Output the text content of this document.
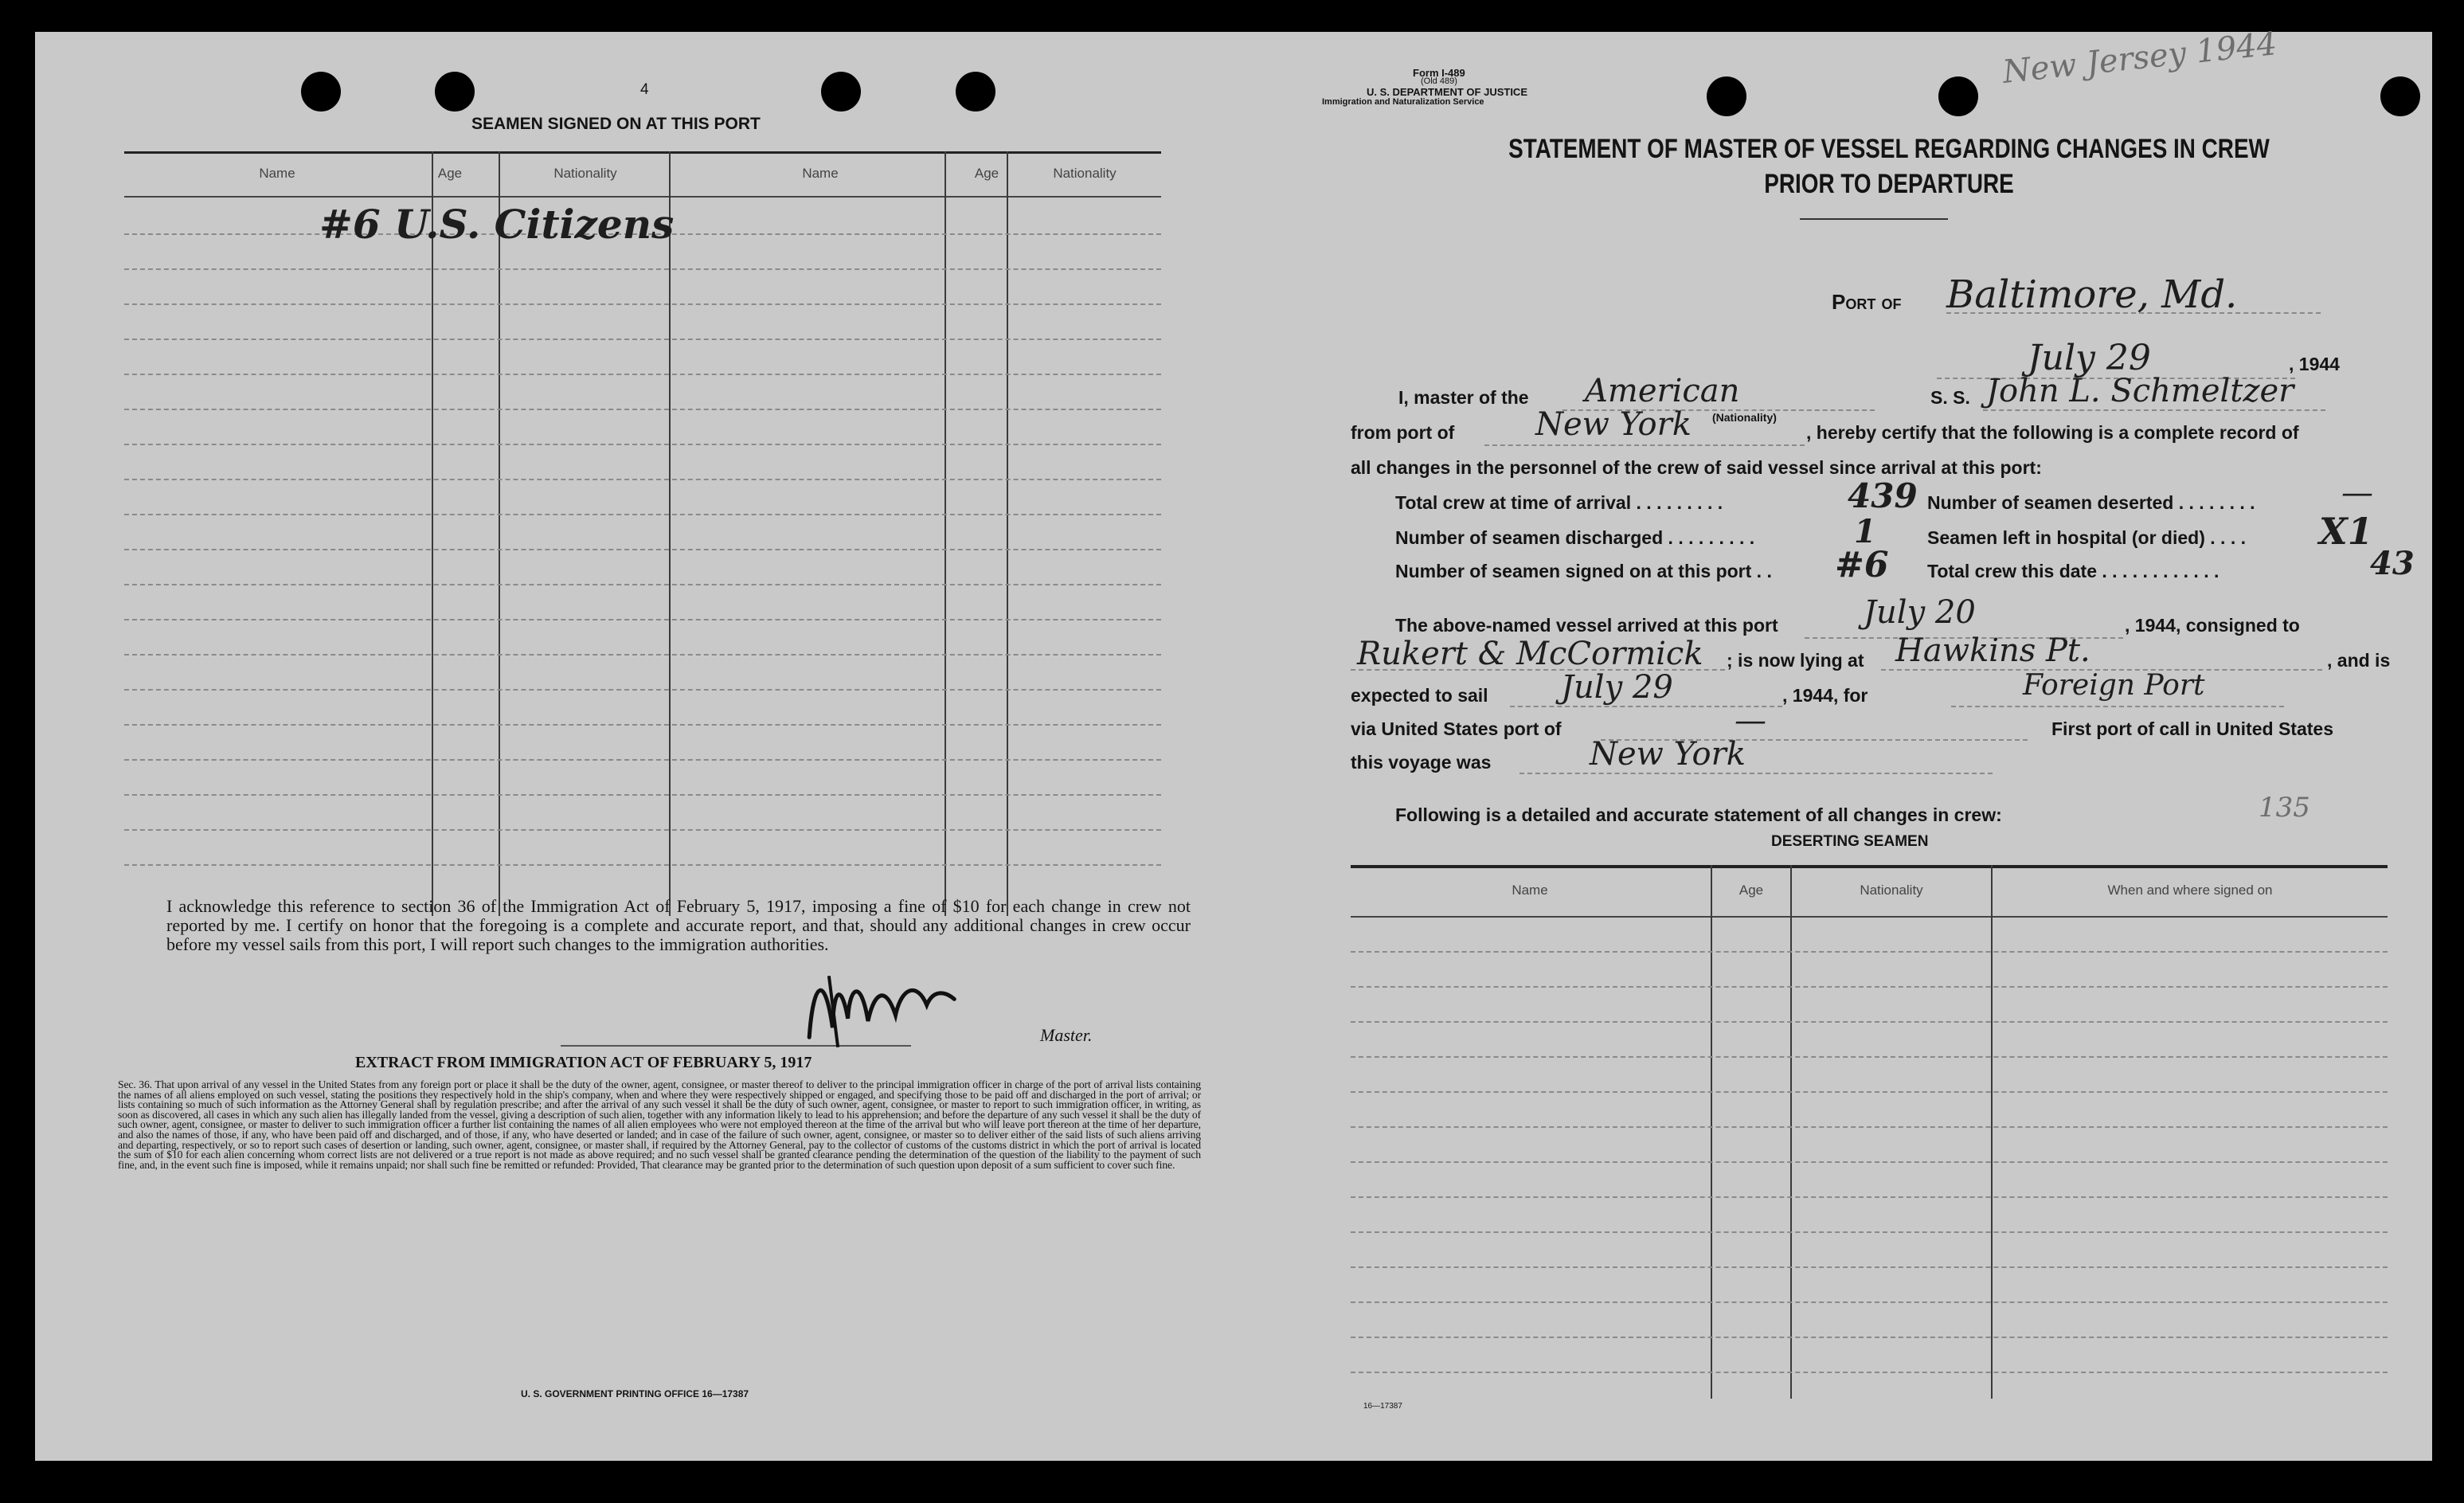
4
SEAMEN SIGNED ON AT THIS PORT
Name	Age	Nationality	Name	Age	Nationality
#6 U.S. Citizens
I acknowledge this reference to section 36 of the Immigration Act of February 5, 1917, imposing a fine of $10 for each change in crew not reported by me. I certify on honor that the foregoing is a complete and accurate report, and that, should any additional changes in crew occur before my vessel sails from this port, I will report such changes to the immigration authorities.
Master.
EXTRACT FROM IMMIGRATION ACT OF FEBRUARY 5, 1917
Sec. 36. That upon arrival of any vessel in the United States from any foreign port or place it shall be the duty of the owner, agent, consignee, or master thereof to deliver to the principal immigration officer in charge of the port of arrival lists containing the names of all aliens employed on such vessel, stating the positions they respectively hold in the ship's company, when and where they were respectively shipped or engaged, and specifying those to be paid off and discharged in the port of arrival; or lists containing so much of such information as the Attorney General shall by regulation prescribe; and after the arrival of any such vessel it shall be the duty of such owner, agent, consignee, or master to report to such immigration officer, in writing, as soon as discovered, all cases in which any such alien has illegally landed from the vessel, giving a description of such alien, together with any information likely to lead to his apprehension; and before the departure of any such vessel it shall be the duty of such owner, agent, consignee, or master to deliver to such immigration officer a further list containing the names of all alien employees who were not employed thereon at the time of the arrival but who will leave port thereon at the time of her departure, and also the names of those, if any, who have been paid off and discharged, and of those, if any, who have deserted or landed; and in case of the failure of such owner, agent, consignee, or master so to deliver either of the said lists of such aliens arriving and departing, respectively, or so to report such cases of desertion or landing, such owner, agent, consignee, or master shall, if required by the Attorney General, pay to the collector of customs of the customs district in which the port of arrival is located the sum of $10 for each alien concerning whom correct lists are not delivered or a true report is not made as above required; and no such vessel shall be granted clearance pending the determination of the question of the liability to the payment of such fine, and, in the event such fine is imposed, while it remains unpaid; nor shall such fine be remitted or refunded: Provided, That clearance may be granted prior to the determination of such question upon deposit of a sum sufficient to cover such fine.
U. S. GOVERNMENT PRINTING OFFICE 16—17387
Form I-489
(Old 489)
U. S. DEPARTMENT OF JUSTICE
Immigration and Naturalization Service
STATEMENT OF MASTER OF VESSEL REGARDING CHANGES IN CREW
PRIOR TO DEPARTURE
New Jersey 1944
Port of Baltimore, Md.
July 29	, 1944
I, master of the American
(Nationality)
S. S. John L. Schmeltzer
from port of	New York	, hereby certify that the following is a complete record of
all changes in the personnel of the crew of said vessel since arrival at this port:
Total crew at time of arrival . . . . . . . . .	439 Number of seamen deserted . . . . . . . .	—
Number of seamen discharged . . . . . . . . .	1	Seamen left in hospital (or died) . . . . X1
Number of seamen signed on at this port . . #6 Total crew this date . . . . . . . . . . . .	43
The above-named vessel arrived at this port	July 20	, 1944, consigned to
Rukert & McCormick ; is now lying at Hawkins Pt.	, and is
expected to sail July 29	, 1944, for	Foreign Port
via United States port of	—	First port of call in United States
this voyage was	New York
Following is a detailed and accurate statement of all changes in crew:	135
DESERTING SEAMEN
Name	Age	Nationality	When and where signed on
16—17387
